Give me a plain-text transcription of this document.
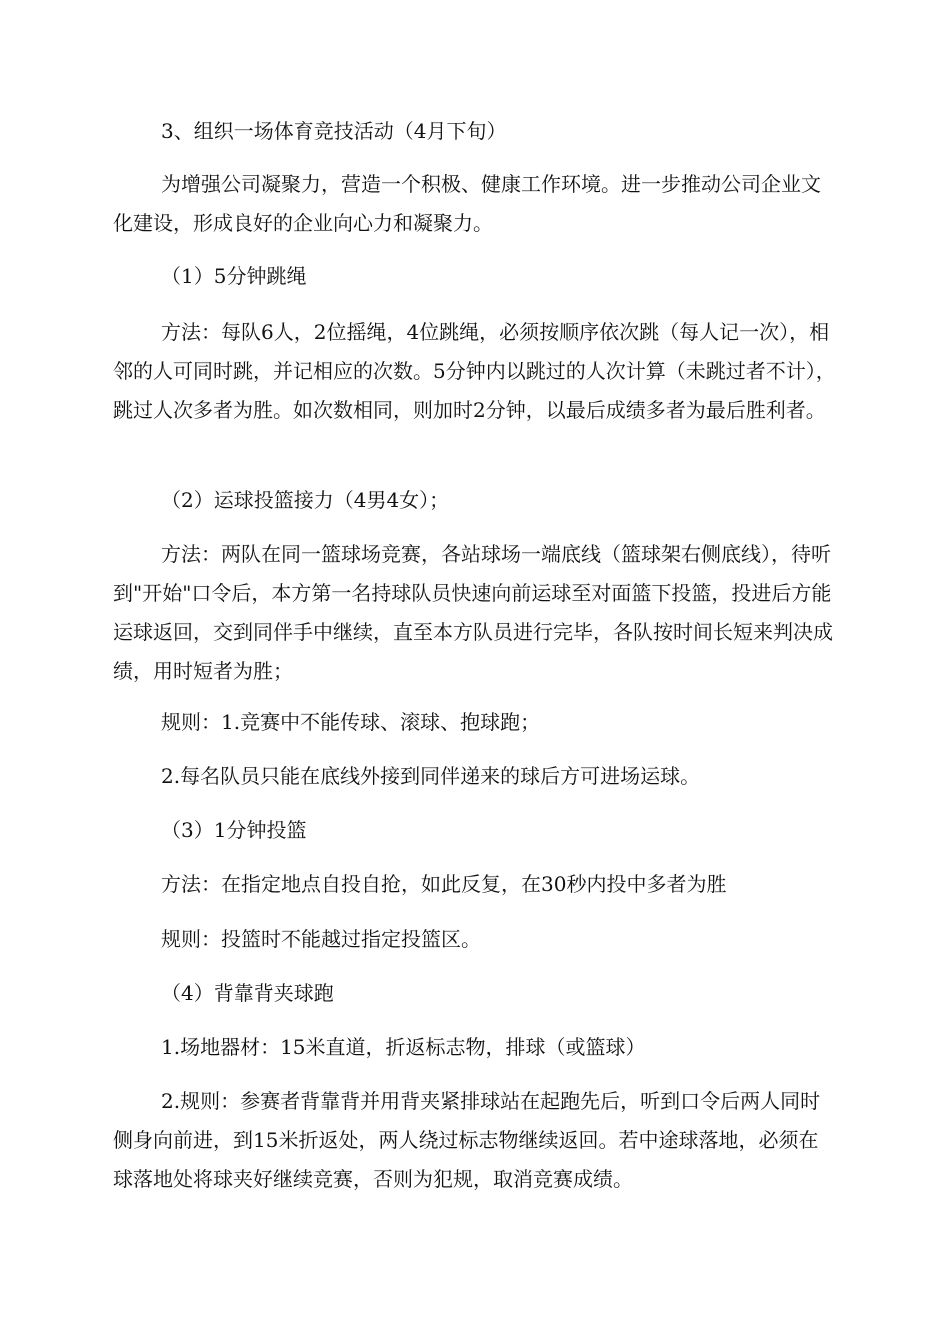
3、组织一场体育竞技活动（4月下旬）

为增强公司凝聚力，营造一个积极、健康工作环境。进一步推动公司企业文化建设，形成良好的企业向心力和凝聚力。

（1）5分钟跳绳

方法：每队6人，2位摇绳，4位跳绳，必须按顺序依次跳（每人记一次），相邻的人可同时跳，并记相应的次数。5分钟内以跳过的人次计算（未跳过者不计），跳过人次多者为胜。如次数相同，则加时2分钟，以最后成绩多者为最后胜利者。

（2）运球投篮接力（4男4女）；

方法：两队在同一篮球场竞赛，各站球场一端底线（篮球架右侧底线），待听到"开始"口令后，本方第一名持球队员快速向前运球至对面篮下投篮，投进后方能运球返回，交到同伴手中继续，直至本方队员进行完毕，各队按时间长短来判决成绩，用时短者为胜；

规则：1.竞赛中不能传球、滚球、抱球跑；

2.每名队员只能在底线外接到同伴递来的球后方可进场运球。

（3）1分钟投篮

方法：在指定地点自投自抢，如此反复，在30秒内投中多者为胜

规则：投篮时不能越过指定投篮区。

（4）背靠背夹球跑

1.场地器材：15米直道，折返标志物，排球（或篮球）

2.规则：参赛者背靠背并用背夹紧排球站在起跑先后，听到口令后两人同时侧身向前进，到15米折返处，两人绕过标志物继续返回。若中途球落地，必须在球落地处将球夹好继续竞赛，否则为犯规，取消竞赛成绩。
